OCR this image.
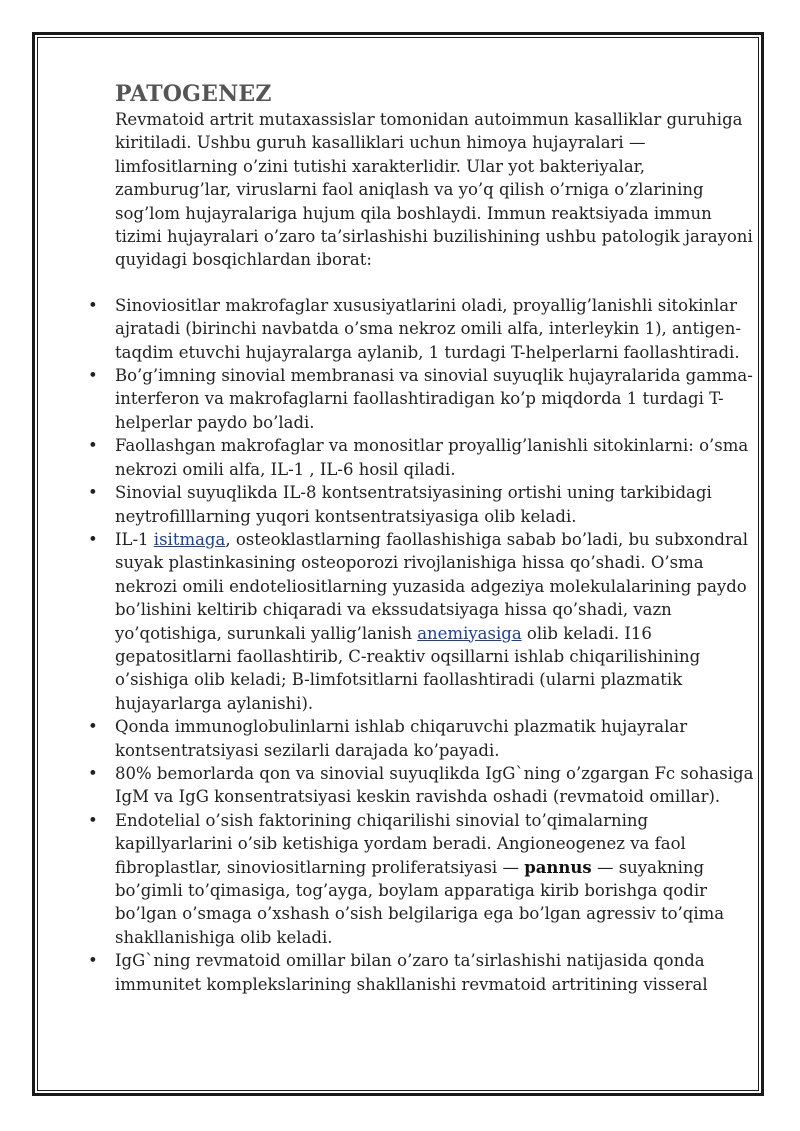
PATOGENEZ

Revmatoid artrit mutaxassislar tomonidan autoimmun kasalliklar guruhiga kiritiladi. Ushbu guruh kasalliklari uchun himoya hujayralari — limfositlarning o’zini tutishi xarakterlidir. Ular yot bakteriyalar, zamburug’lar, viruslarni faol aniqlash va yo’q qilish o’rniga o’zlarining sog’lom hujayralariga hujum qila boshlaydi. Immun reaktsiyada immun tizimi hujayralari o’zaro ta’sirlashishi buzilishining ushbu patologik jarayoni quyidagi bosqichlardan iborat:

• Sinoviositlar makrofaglar xususiyatlarini oladi, proyallig’lanishli sitokinlar ajratadi (birinchi navbatda o’sma nekroz omili alfa, interleykin 1), antigen-taqdim etuvchi hujayralarga aylanib, 1 turdagi T-helperlarni faollashtiradi.
• Bo’g’imning sinovial membranasi va sinovial suyuqlik hujayralarida gamma- interferon va makrofaglarni faollashtiradigan ko’p miqdorda 1 turdagi T-helperlar paydo bo’ladi.
• Faollashgan makrofaglar va monositlar proyallig’lanishli sitokinlarni: o’sma nekrozi omili alfa, IL-1 , IL-6 hosil qiladi.
• Sinovial suyuqlikda IL-8 kontsentratsiyasining ortishi uning tarkibidagi neytrofilllarning yuqori kontsentratsiyasiga olib keladi.
• IL-1 isitmaga, osteoklastlarning faollashishiga sabab bo’ladi, bu subxondral suyak plastinkasining osteoporozi rivojlanishiga hissa qo’shadi. O’sma nekrozi omili endoteliositlarning yuzasida adgeziya molekulalarining paydo bo’lishini keltirib chiqaradi va ekssudatsiyaga hissa qo’shadi, vazn yo’qotishiga, surunkali yallig’lanish anemiyasiga olib keladi. I16 gepatositlarni faollashtirib, C-reaktiv oqsillarni ishlab chiqarilishining o’sishiga olib keladi; B-limfotsitlarni faollashtiradi (ularni plazmatik hujayarlarga aylanishi).
• Qonda immunoglobulinlarni ishlab chiqaruvchi plazmatik hujayralar kontsentratsiyasi sezilarli darajada ko’payadi.
• 80% bemorlarda qon va sinovial suyuqlikda IgG`ning o’zgargan Fc sohasiga IgM va IgG konsentratsiyasi keskin ravishda oshadi (revmatoid omillar).
• Endotelial o’sish faktorining chiqarilishi sinovial to’qimalarning kapillyarlarini o’sib ketishiga yordam beradi. Angioneogenez va faol fibroplastlar, sinoviositlarning proliferatsiyasi — pannus — suyakning bo’gimli to’qimasiga, tog’ayga, boylam apparatiga kirib borishga qodir bo’lgan o’smaga o’xshash o’sish belgilariga ega bo’lgan agressiv to’qima shakllanishiga olib keladi.
• IgG`ning revmatoid omillar bilan o’zaro ta’sirlashishi natijasida qonda immunitet komplekslarining shakllanishi revmatoid artritining visseral
